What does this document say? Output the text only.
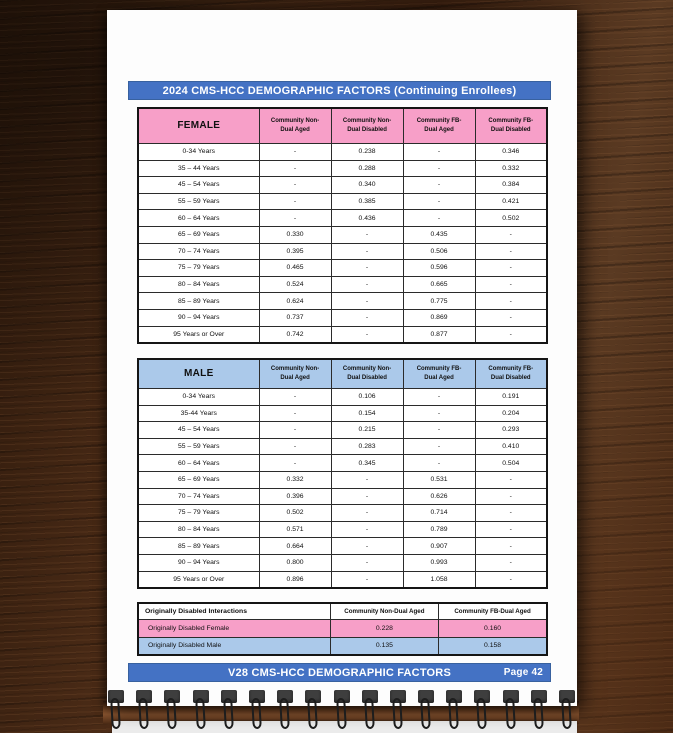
2024 CMS-HCC DEMOGRAPHIC FACTORS (Continuing Enrollees)
FEMALE	Community Non-Dual Aged	Community Non-Dual Disabled	Community FB-Dual Aged	Community FB-Dual Disabled
0-34 Years	-	0.238	-	0.346
35 – 44 Years	-	0.288	-	0.332
45 – 54 Years	-	0.340	-	0.384
55 – 59 Years	-	0.385	-	0.421
60 – 64 Years	-	0.436	-	0.502
65 – 69 Years	0.330	-	0.435	-
70 – 74 Years	0.395	-	0.506	-
75 – 79 Years	0.465	-	0.596	-
80 – 84 Years	0.524	-	0.665	-
85 – 89 Years	0.624	-	0.775	-
90 – 94 Years	0.737	-	0.869	-
95 Years or Over	0.742	-	0.877	-
MALE	Community Non-Dual Aged	Community Non-Dual Disabled	Community FB-Dual Aged	Community FB-Dual Disabled
0-34 Years	-	0.106	-	0.191
35-44 Years	-	0.154	-	0.204
45 – 54 Years	-	0.215	-	0.293
55 – 59 Years	-	0.283	-	0.410
60 – 64 Years	-	0.345	-	0.504
65 – 69 Years	0.332	-	0.531	-
70 – 74 Years	0.396	-	0.626	-
75 – 79 Years	0.502	-	0.714	-
80 – 84 Years	0.571	-	0.789	-
85 – 89 Years	0.664	-	0.907	-
90 – 94 Years	0.800	-	0.993	-
95 Years or Over	0.896	-	1.058	-
Originally Disabled Interactions	Community Non-Dual Aged	Community FB-Dual Aged
Originally Disabled Female	0.228	0.160
Originally Disabled Male	0.135	0.158
V28 CMS-HCC DEMOGRAPHIC FACTORS	Page 42
